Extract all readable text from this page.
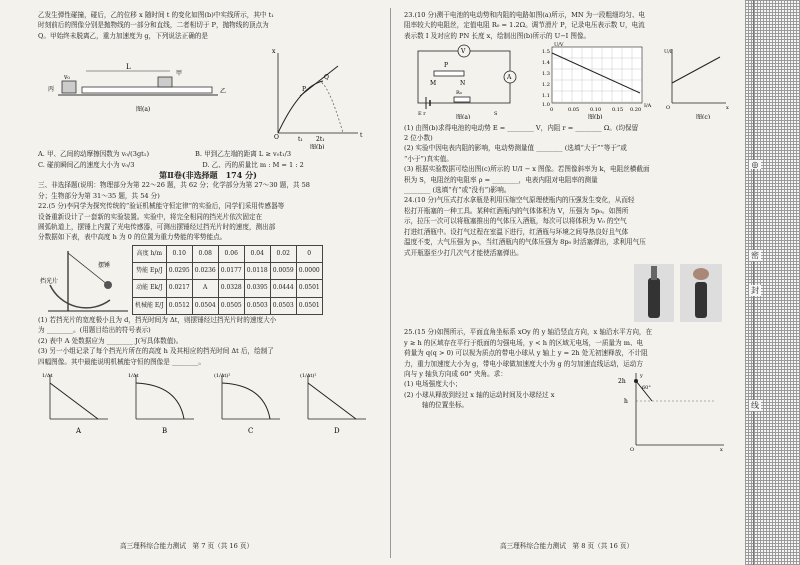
乙发生弹性碰撞，碰后，乙的位移 x 随时间 t 的变化如图(b)中实线所示，其中 t₁

时刻前后的图像分别是抛物线的一部分和直线，二者相切于 P，抛物线的顶点为

Q。甲始终未脱离乙，重力加速度为 g，下列说法正确的是

L
v₀
甲
丙	乙
图(a)
O	t
x
t₁ 2t₁
P
Q
图(b)

A. 甲、乙间的动摩擦因数为 v₀/(3gt₁)	B. 甲到乙左端的距离 L ≥ v₀t₁/3

C. 碰前瞬间乙的速度大小为 v₀/3	D. 乙、丙的质量比 m : M = 1 : 2

第Ⅱ卷(非选择题　174 分)

三、非选择题(说明：物理部分为第 22～26 题，共 62 分；化学部分为第 27～30 题，共 58

分；生物部分为第 31～35 题，共 54 分)

22.(5 分)李同学为探究传统的“验证机械能守恒定律”的实验后，同学们采用传感器等

设备重新设计了一套新的实验装置。实验中，将完全相同的挡光片依次固定在

圆弧轨道上，摆锤上内置了光电传感器，可测出摆锤经过挡光片时的速度，测出部

分数据如下表，表中高度 h 为 0 的位置为重力势能的零势能点。

摆锤
挡光片
高度 h/m	0.10	0.08	0.06	0.04	0.02	0
势能 Ep/J	0.0295	0.0236	0.0177	0.0118	0.0059	0.0000
动能 Ek/J	0.0217	A	0.0328	0.0395	0.0444	0.0501
机械能 E/J	0.0512	0.0504	0.0505	0.0503	0.0503	0.0501

(1) 若挡光片的宽度极小且为 d，挡光时间为 Δt，则摆锤经过挡光片时的速度大小

为 ________。(用题目给出的符号表示)

(2) 表中 A 处数据应为 ________ J(写具体数值)。

(3) 另一小组记录了每个挡光片所在的高度 h 及其相应的挡光时间 Δt 后，绘制了

四幅图像。其中最能说明机械能守恒的图像是 ________。

1/Δt
A
1/Δt
B
(1/Δt)²
C
(1/Δt)²
D
高三理科综合能力测试　第 7 页（共 16 页）

23.(10 分)测干电池的电动势和内阻的电路如图(a)所示，MN 为一段粗细均匀、电

阻率较大的电阻丝，定值电阻 R₀ = 1.2Ω。调节滑片 P，记录电压表示数 U，电流

表示数 I 及对应的 PN 长度 x，绘制出图(b)所示的 U−I 图像。

V
A
M	N
P
R₀
E r	S
图(a)
1.5
1.4
1.3
1.2
1.1
1.0
0	0.05 0.10 0.15 0.20
U/V
I/A
图(b)
U/I
O	x
图(c)

(1) 由图(b)求得电池的电动势 E = ________ V，内阻 r = ________ Ω。(均保留

2 位小数)

(2) 实验中因电表内阻的影响，电动势测量值 ________ (选填“大于”“等于”或

“小于”)真实值。

(3) 根据实验数据可绘出图(c)所示的 U/I − x 图像。若图像斜率为 k，电阻丝横截面

积为 S，电阻丝的电阻率 ρ = ________，电表内阻对电阻率的测量

________ (选填“有”或“没有”)影响。

24.(10 分)气压式打水拿瓶是利用压缩空气原理使瓶内的压强发生变化，从而轻

松打开瓶塞的一种工具。某种红酒瓶内的气体体积为 V，压强为 5p₀。如图所

示，拉压一次可以将瓶塞推出的气体压入酒瓶，每次可以将体积为 V₀ 的空气

打进红酒瓶中。设打气过程在室温下进行，红酒瓶与环境之间导热良好且气体

温度不变，大气压强为 p₀，当红酒瓶内的气体压强为 8p₀ 时活塞弹出，求利用气压

式开瓶器至少打几次气才能使活塞弹出。

25.(15 分)如图所示，平面直角坐标系 xOy 的 y 轴沿竖直方向，x 轴沿水平方向，在

y ≥ h 的区域存在平行于纸面的匀强电场，y < h 的区域无电场，一质量为 m、电

荷量为 q(q > 0) 可以视为质点的带电小球从 y 轴上 y = 2h 处无初速释放，不计阻

力，重力加速度大小为 g，带电小球做加速度大小为 g 的匀加速直线运动，运动方

向与 y 轴负方向成 60° 夹角。求：

(1) 电场强度大小；

(2) 小球从释放到经过 x 轴的运动时间及小球经过 x

轴的位置坐标。

2h
h
60°
O	x
y
高三理科综合能力测试　第 8 页（共 16 页）
◎
密
封
线
